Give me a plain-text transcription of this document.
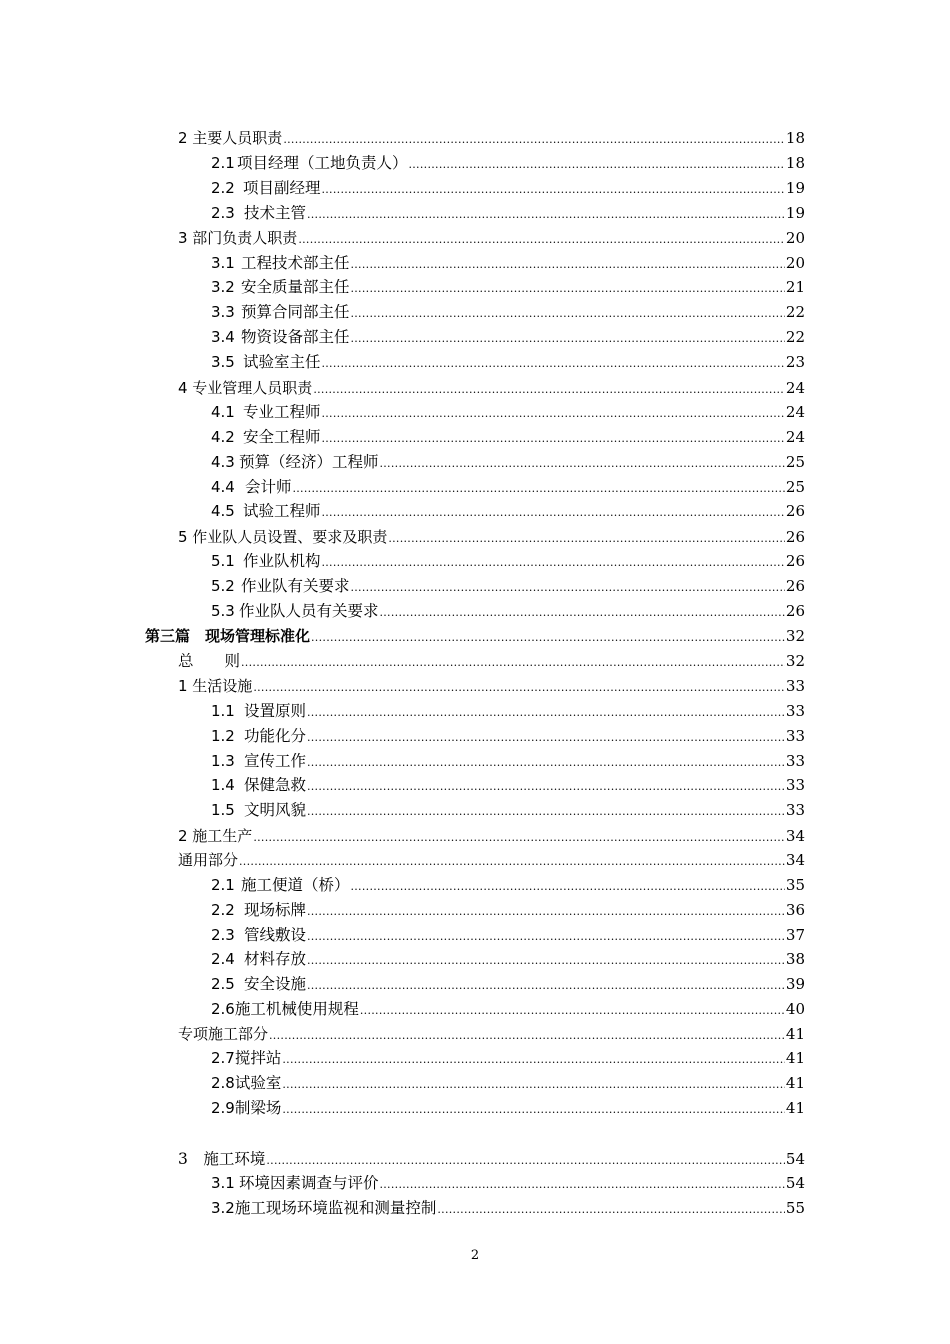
2 主要人员职责 .....	18
2.1 项目经理（工地负责人） .....	18
2.2 项目副经理 .....	19
2.3 技术主管 .....	19
3 部门负责人职责 .....	20
3.1 工程技术部主任 .....	20
3.2 安全质量部主任 .....	21
3.3 预算合同部主任 .....	22
3.4 物资设备部主任 .....	22
3.5 试验室主任 .....	23
4 专业管理人员职责 .....	24
4.1 专业工程师 .....	24
4.2 安全工程师 .....	24
4.3 预算（经济）工程师 .....	25
4.4 会计师 .....	25
4.5 试验工程师 .....	26
5 作业队人员设置、要求及职责 .....	26
5.1 作业队机构 .....	26
5.2 作业队有关要求 .....	26
5.3 作业队人员有关要求 .....	26
第三篇　现场管理标准化 .....	32
总　　则 .....	32
1 生活设施 .....	33
1.1 设置原则 .....	33
1.2 功能化分 .....	33
1.3 宣传工作 .....	33
1.4 保健急救 .....	33
1.5 文明风貌 .....	33
2 施工生产 .....	34
通用部分 .....	34
2.1 施工便道（桥） .....	35
2.2 现场标牌 .....	36
2.3 管线敷设 .....	37
2.4 材料存放 .....	38
2.5 安全设施 .....	39
2.6 施工机械使用规程 .....	40
专项施工部分 .....	41
2.7 搅拌站 .....	41
2.8 试验室 .....	41
2.9 制梁场 .....	41
3　施工环境 .....	54
3.1 环境因素调查与评价 .....	54
3.2 施工现场环境监视和测量控制 .....	55
2
